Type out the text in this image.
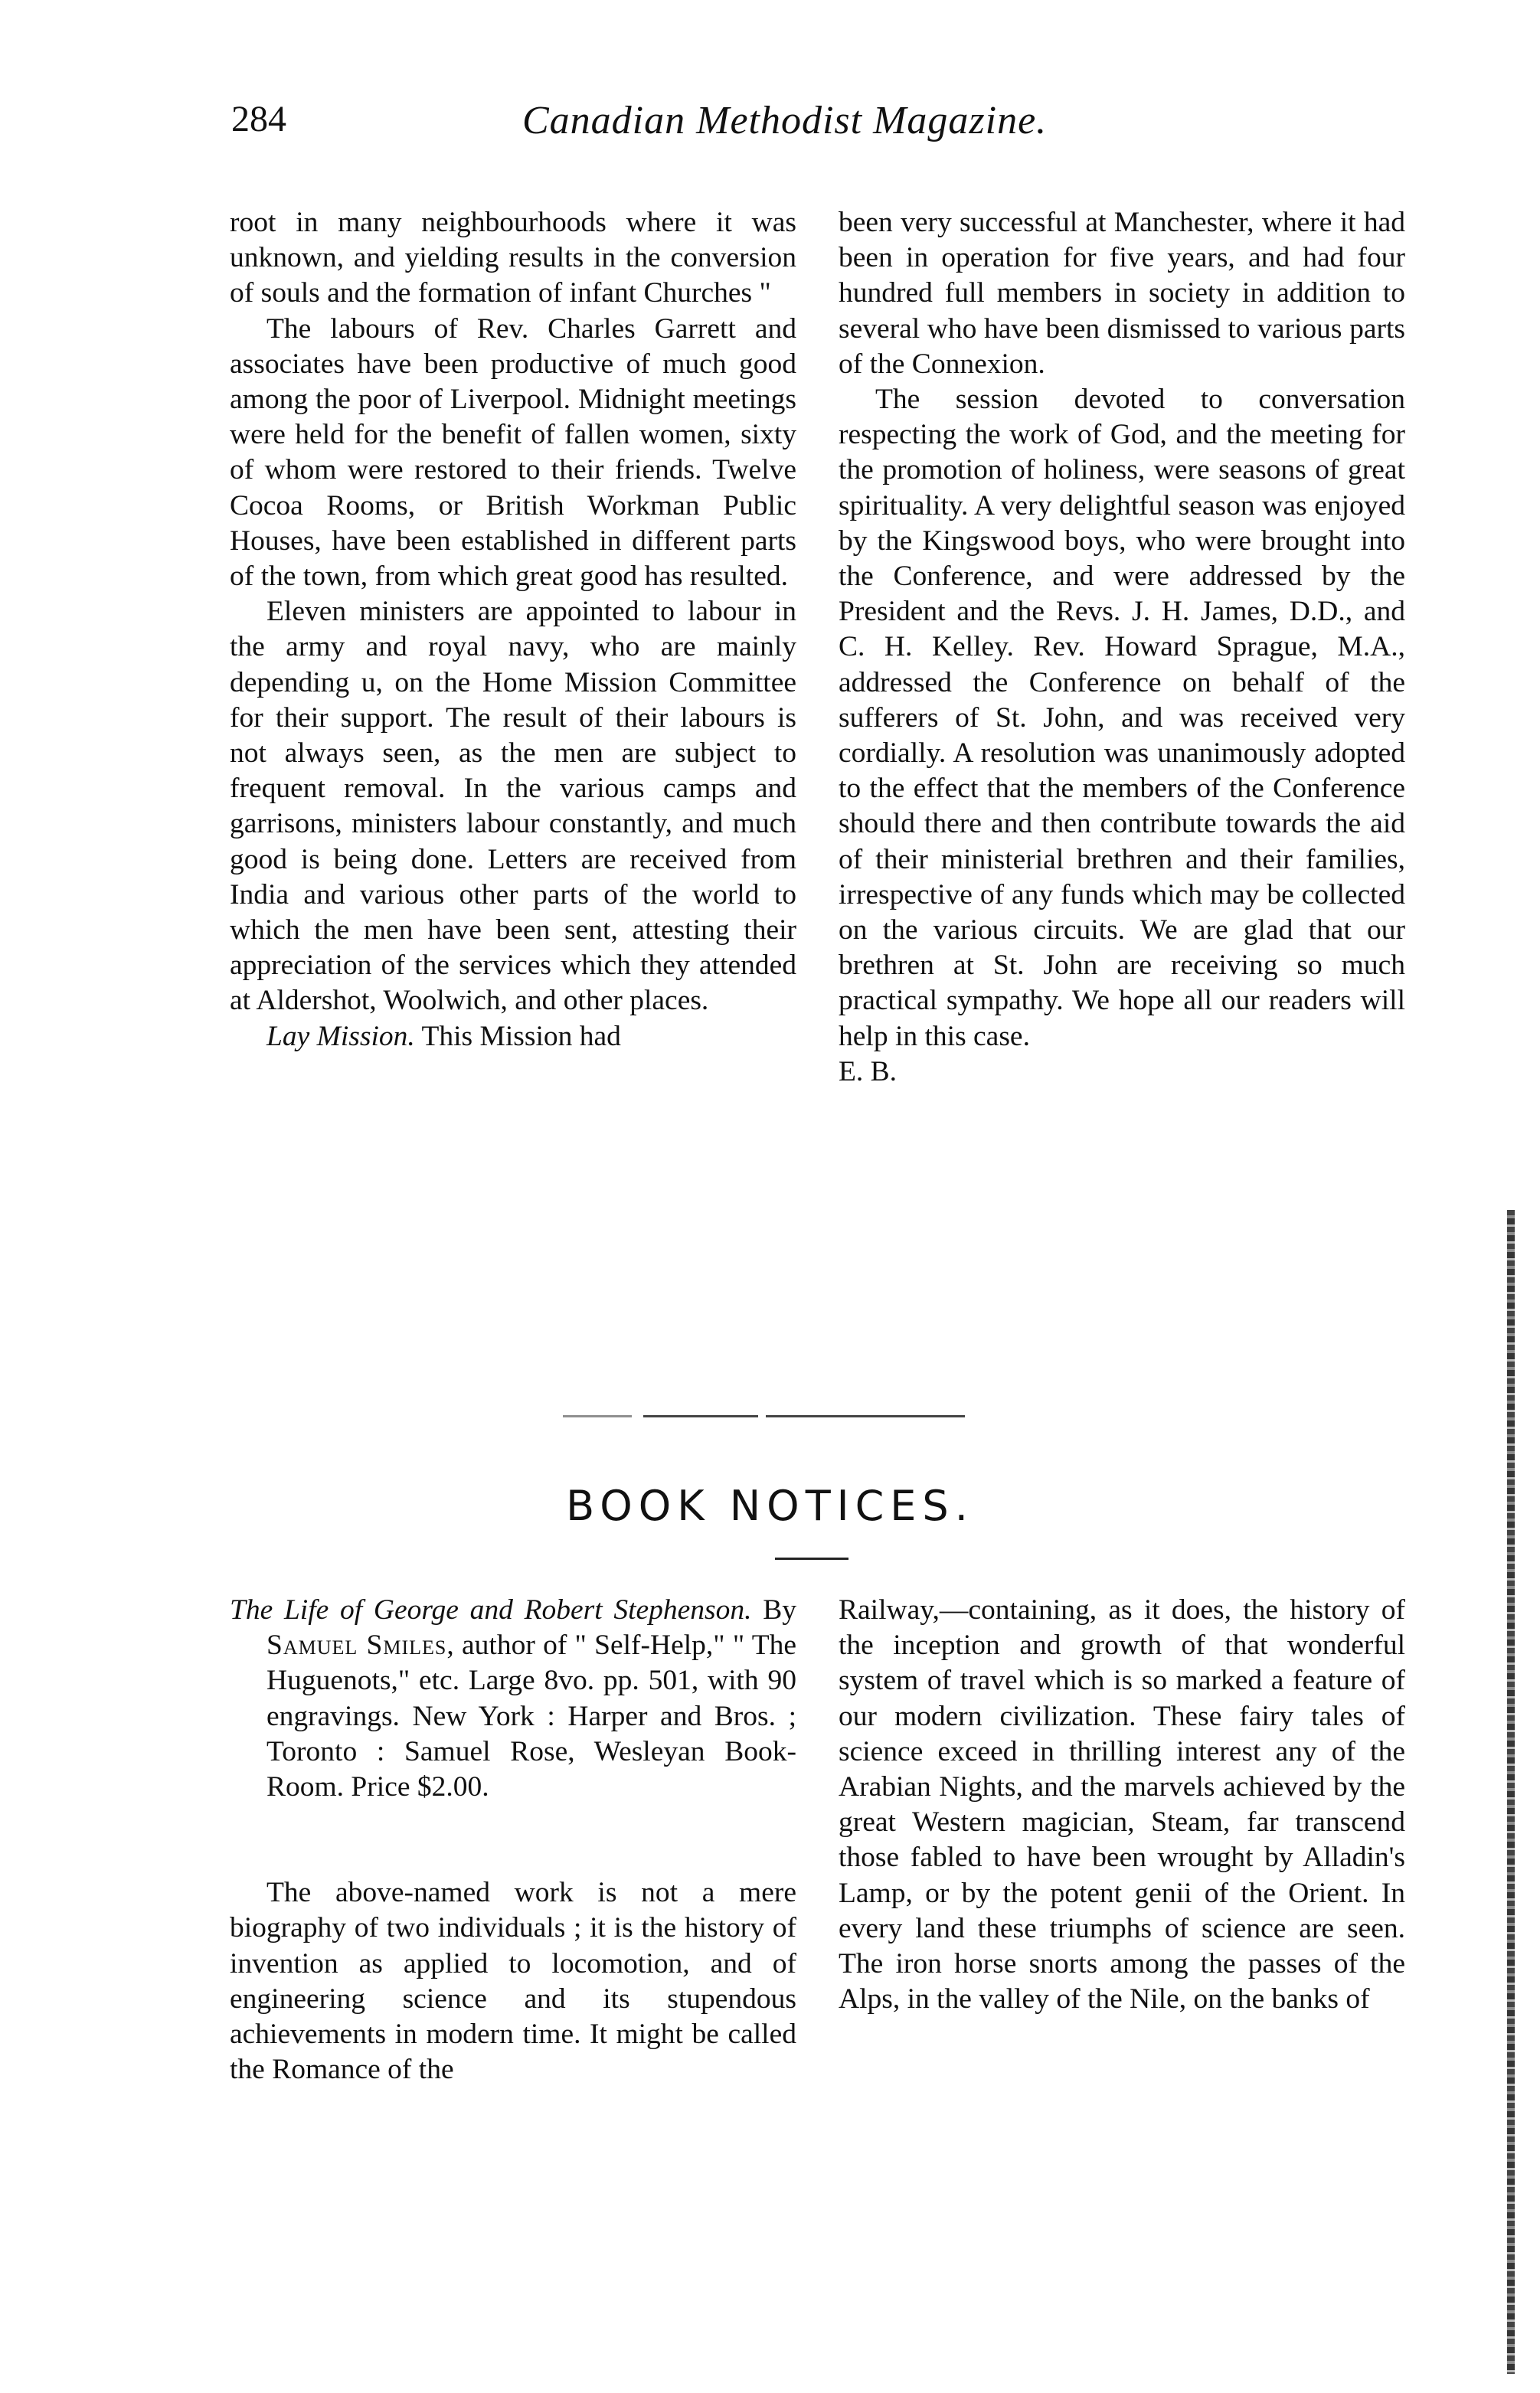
284	Canadian Methodist Magazine.

root in many neighbourhoods where it was unknown, and yielding results in the conversion of souls and the formation of infant Churches "

The labours of Rev. Charles Garrett and associates have been productive of much good among the poor of Liverpool. Midnight meetings were held for the benefit of fallen women, sixty of whom were restored to their friends. Twelve Cocoa Rooms, or British Workman Public Houses, have been established in different parts of the town, from which great good has resulted.

Eleven ministers are appointed to labour in the army and royal navy, who are mainly depending u, on the Home Mission Committee for their support. The result of their labours is not always seen, as the men are subject to frequent removal. In the various camps and garrisons, ministers labour constantly, and much good is being done. Letters are received from India and various other parts of the world to which the men have been sent, attesting their appreciation of the services which they attended at Aldershot, Woolwich, and other places.

Lay Mission. This Mission had

been very successful at Manchester, where it had been in operation for five years, and had four hundred full members in society in addition to several who have been dismissed to various parts of the Connexion.

The session devoted to conversation respecting the work of God, and the meeting for the promotion of holiness, were seasons of great spirituality. A very delightful season was enjoyed by the Kingswood boys, who were brought into the Conference, and were addressed by the President and the Revs. J. H. James, D.D., and C. H. Kelley. Rev. Howard Sprague, M.A., addressed the Conference on behalf of the sufferers of St. John, and was received very cordially. A resolution was unanimously adopted to the effect that the members of the Conference should there and then contribute towards the aid of their ministerial brethren and their families, irrespective of any funds which may be collected on the various circuits. We are glad that our brethren at St. John are receiving so much practical sympathy. We hope all our readers will help in this case.

E. B.

BOOK NOTICES.

The Life of George and Robert Stephenson. By Samuel Smiles, author of " Self-Help," " The Huguenots," etc. Large 8vo. pp. 501, with 90 engravings. New York : Harper and Bros. ; Toronto : Samuel Rose, Wesleyan Book-Room. Price $2.00.

The above-named work is not a mere biography of two individuals ; it is the history of invention as applied to locomotion, and of engineering science and its stupendous achievements in modern time. It might be called the Romance of the

Railway,—containing, as it does, the history of the inception and growth of that wonderful system of travel which is so marked a feature of our modern civilization. These fairy tales of science exceed in thrilling interest any of the Arabian Nights, and the marvels achieved by the great Western magician, Steam, far transcend those fabled to have been wrought by Alladin's Lamp, or by the potent genii of the Orient. In every land these triumphs of science are seen. The iron horse snorts among the passes of the Alps, in the valley of the Nile, on the banks of
